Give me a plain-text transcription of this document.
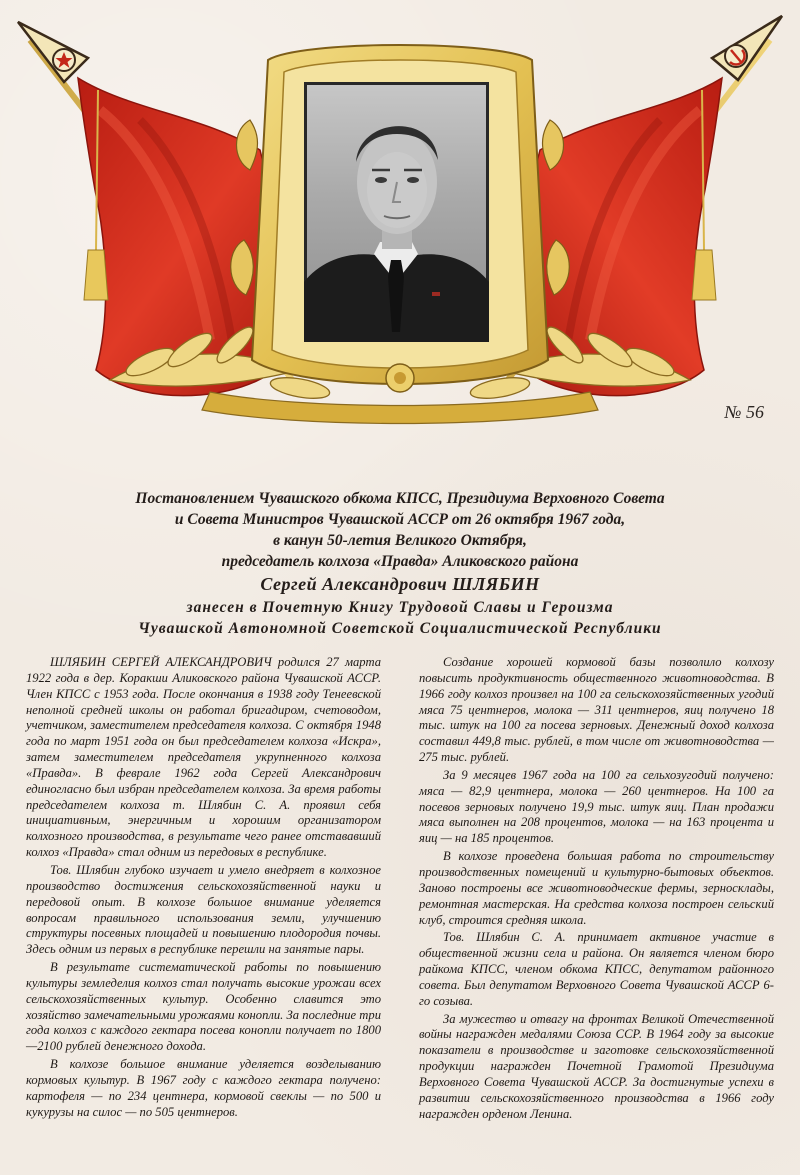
№ 56
Постановлением Чувашского обкома КПСС, Президиума Верховного Совета
и Совета Министров Чувашской АССР от 26 октября 1967 года,
в канун 50-летия Великого Октября,
председатель колхоза «Правда» Аликовского района
Сергей Александрович ШЛЯБИН
занесен в Почетную Книгу Трудовой Славы и Героизма
Чувашской Автономной Советской Социалистической Республики

ШЛЯБИН СЕРГЕЙ АЛЕКСАНДРОВИЧ родился 27 марта 1922 года в дер. Коракши Аликовского района Чувашской АССР. Член КПСС с 1953 года. После окончания в 1938 году Тенеевской неполной средней школы он работал бригадиром, счетоводом, учетчиком, заместителем председателя колхоза. С октября 1948 года по март 1951 года он был председателем колхоза «Искра», затем заместителем председателя укрупненного колхоза «Правда». В феврале 1962 года Сергей Александрович единогласно был избран председателем колхоза. За время работы председателем колхоза т. Шлябин С. А. проявил себя инициативным, энергичным и хорошим организатором колхозного производства, в результате чего ранее отстававший колхоз «Правда» стал одним из передовых в республике.

Тов. Шлябин глубоко изучает и умело внедряет в колхозное производство достижения сельскохозяйственной науки и передовой опыт. В колхозе большое внимание уделяется вопросам правильного использования земли, улучшению структуры посевных площадей и повышению плодородия почвы. Здесь одним из первых в республике перешли на занятые пары.

В результате систематической работы по повышению культуры земледелия колхоз стал получать высокие урожаи всех сельскохозяйственных культур. Особенно славится это хозяйство замечательными урожаями конопли. За последние три года колхоз с каждого гектара посева конопли получает по 1800—2100 рублей денежного дохода.

В колхозе большое внимание уделяется возделыванию кормовых культур. В 1967 году с каждого гектара получено: картофеля — по 234 центнера, кормовой свеклы — по 500 и кукурузы на силос — по 505 центнеров.

Создание хорошей кормовой базы позволило колхозу повысить продуктивность общественного животноводства. В 1966 году колхоз произвел на 100 га сельскохозяйственных угодий мяса 75 центнеров, молока — 311 центнеров, яиц получено 18 тыс. штук на 100 га посева зерновых. Денежный доход колхоза составил 449,8 тыс. рублей, в том числе от животноводства — 275 тыс. рублей.

За 9 месяцев 1967 года на 100 га сельхозугодий получено: мяса — 82,9 центнера, молока — 260 центнеров. На 100 га посевов зерновых получено 19,9 тыс. штук яиц. План продажи мяса выполнен на 208 процентов, молока — на 163 процента и яиц — на 185 процентов.

В колхозе проведена большая работа по строительству производственных помещений и культурно-бытовых объектов. Заново построены все животноводческие фермы, зерносклады, ремонтная мастерская. На средства колхоза построен сельский клуб, строится средняя школа.

Тов. Шлябин С. А. принимает активное участие в общественной жизни села и района. Он является членом бюро райкома КПСС, членом обкома КПСС, депутатом районного совета. Был депутатом Верховного Совета Чувашской АССР 6-го созыва.

За мужество и отвагу на фронтах Великой Отечественной войны награжден медалями Союза ССР. В 1964 году за высокие показатели в производстве и заготовке сельскохозяйственной продукции награжден Почетной Грамотой Президиума Верховного Совета Чувашской АССР. За достигнутые успехи в развитии сельскохозяйственного производства в 1966 году награжден орденом Ленина.
